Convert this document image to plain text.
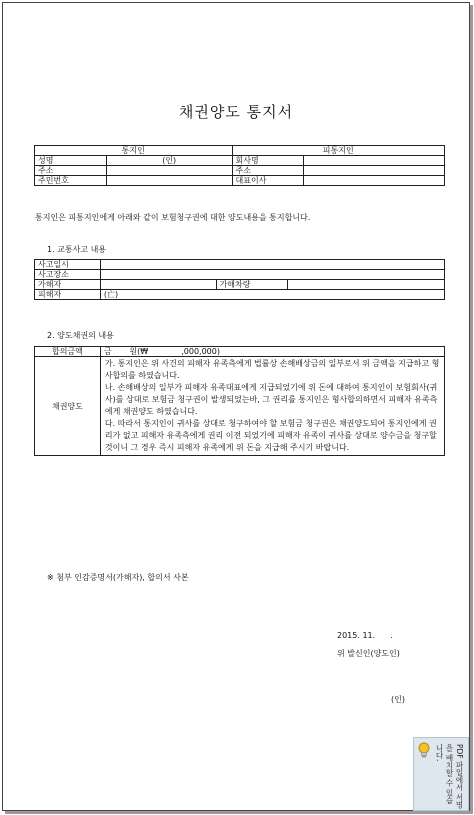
채권양도 통지서
통지인		피통지인	
성명	(인)	회사명	
주소		주소	
주민번호		대표이사	
통지인은 피통지인에게 아래와 같이 보험청구권에 대한 양도내용을 통지합니다.
1. 교통사고 내용
사고일시			
사고장소			
가해자		가해차량	
피해자	(亡)		
2. 양도채권의 내용
합의금액	금       원(₩             ,000,000)
채권양도	가. 통지인은 위 사건의 피해자 유족측에게 법률상 손해배상금의 일부로서 위 금액을 지급하고 형사합의를 하였습니다.
나. 손해배상의 일부가 피해자 유족대표에게 지급되었기에 위 돈에 대하여 통지인이 보험회사(귀사)를 상대로 보험금 청구권이 발생되었는바, 그 권리를 통지인은 형사합의하면서 피해자 유족측에게 채권양도 하였습니다.
다. 따라서 통지인이 귀사를 상대로 청구하여야 할 보험금 청구권은 채권양도되어 통지인에게 권리가 없고 피해자 유족측에게 권리 이전 되었기에 피해자 유족이 귀사를 상대로 양수금을 청구할 것이니 그 경우 즉시 피해자 유족에게 위 돈을 지급해 주시기 바랍니다.
※ 첨부 인감증명서(가해자), 합의서 사본
2015. 11.      .
위 발신인(양도인)
(인)
PDF 파일에서 서명을 배치할 수 있습니다.
